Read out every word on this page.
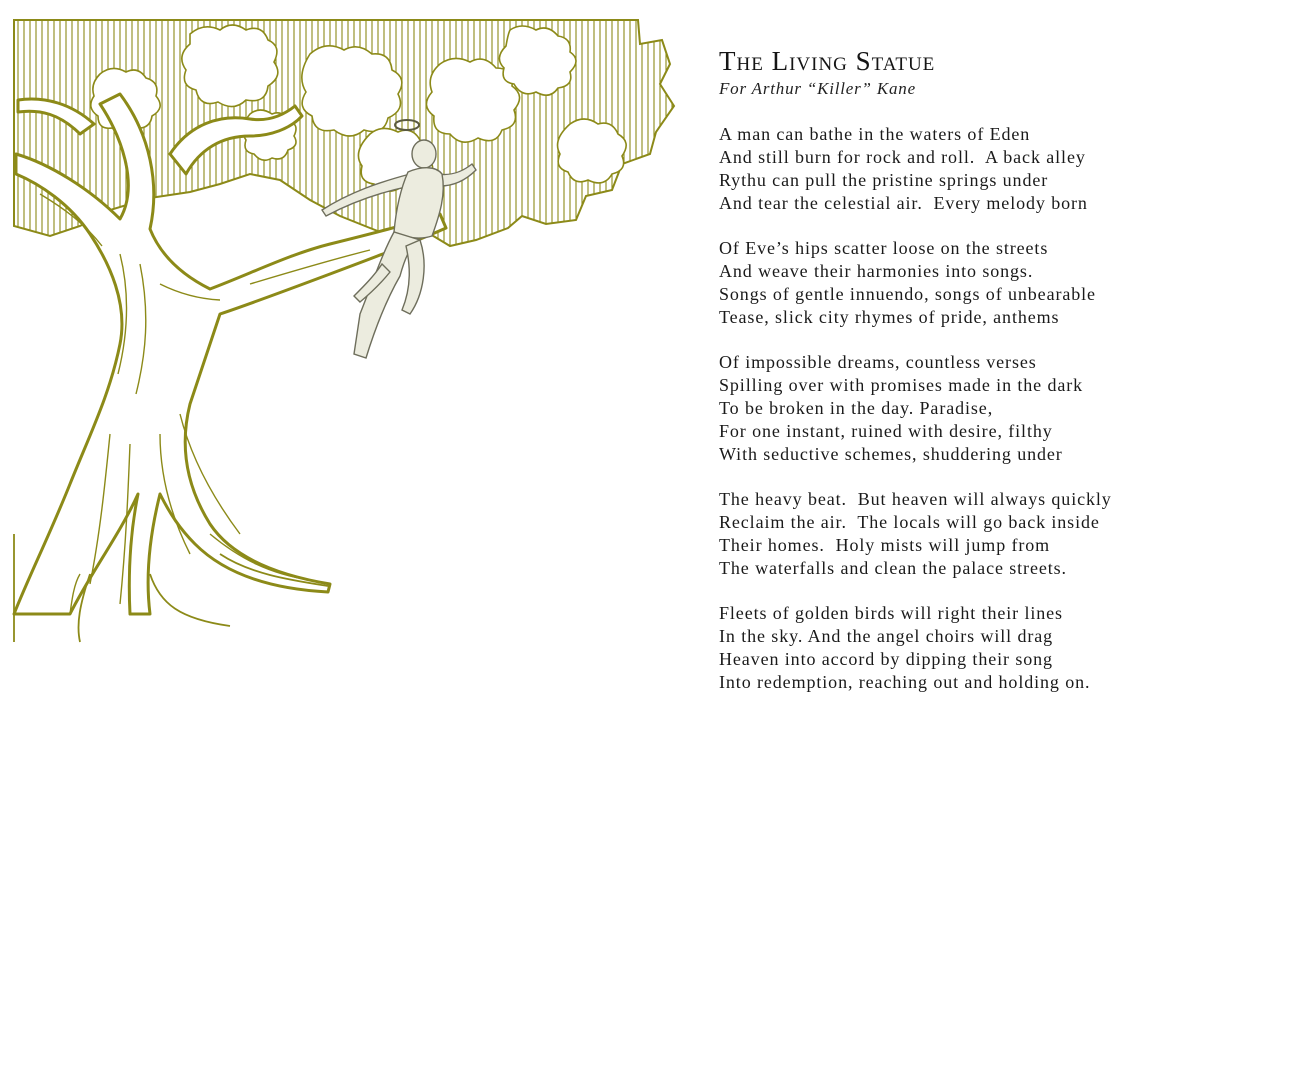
The Living Statue

For Arthur “Killer” Kane

A man can bathe in the waters of Eden
And still burn for rock and roll.  A back alley
Rythu can pull the pristine springs under
And tear the celestial air.  Every melody born
Of Eve’s hips scatter loose on the streets
And weave their harmonies into songs.
Songs of gentle innuendo, songs of unbearable
Tease, slick city rhymes of pride, anthems
Of impossible dreams, countless verses
Spilling over with promises made in the dark
To be broken in the day. Paradise,
For one instant, ruined with desire, filthy
With seductive schemes, shuddering under
The heavy beat.  But heaven will always quickly
Reclaim the air.  The locals will go back inside
Their homes.  Holy mists will jump from
The waterfalls and clean the palace streets.
Fleets of golden birds will right their lines
In the sky. And the angel choirs will drag
Heaven into accord by dipping their song
Into redemption, reaching out and holding on.
